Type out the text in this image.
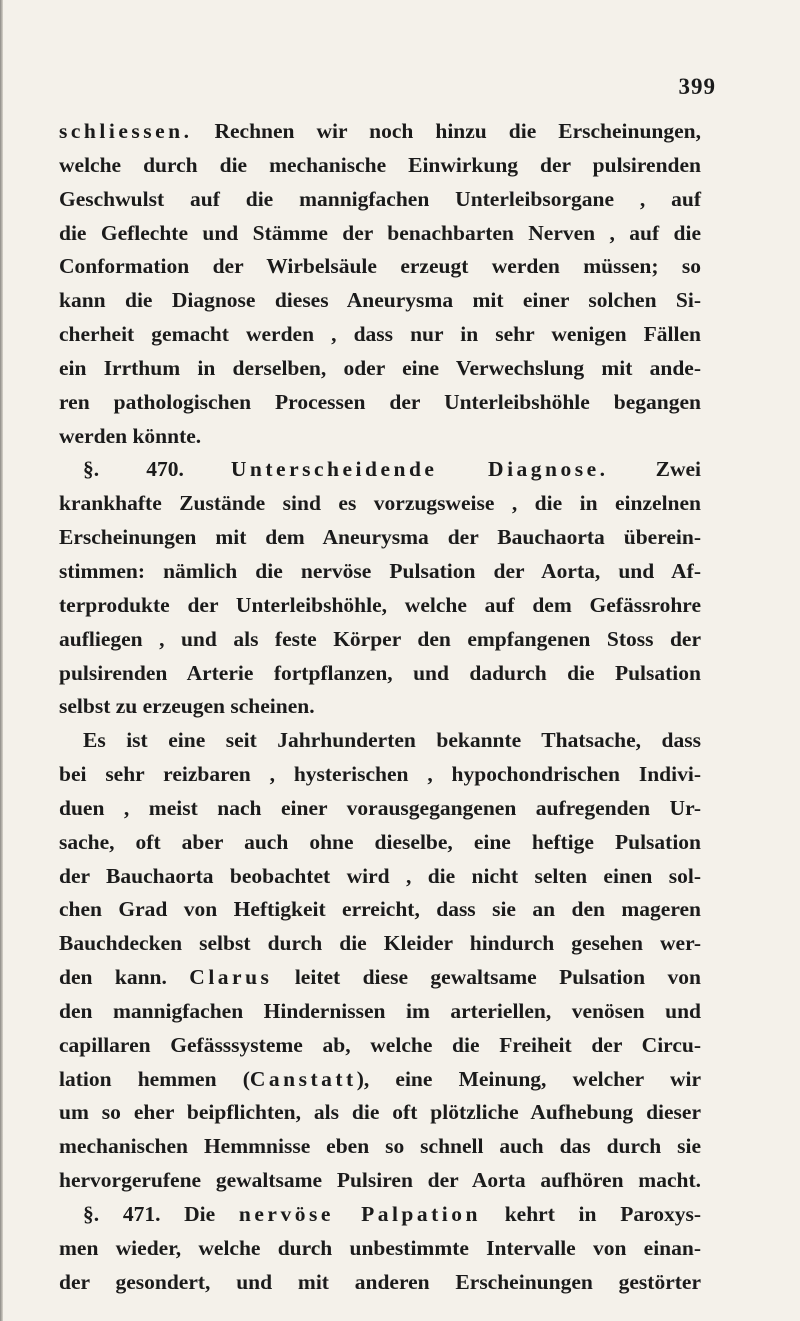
399
schliessen. Rechnen wir noch hinzu die Erscheinungen,
welche durch die mechanische Einwirkung der pulsirenden
Geschwulst auf die mannigfachen Unterleibsorgane , auf
die Geflechte und Stämme der benachbarten Nerven , auf die
Conformation der Wirbelsäule erzeugt werden müssen; so
kann die Diagnose dieses Aneurysma mit einer solchen Si-
cherheit gemacht werden , dass nur in sehr wenigen Fällen
ein Irrthum in derselben, oder eine Verwechslung mit ande-
ren pathologischen Processen der Unterleibshöhle begangen
werden könnte.
§. 470. Unterscheidende Diagnose. Zwei
krankhafte Zustände sind es vorzugsweise , die in einzelnen
Erscheinungen mit dem Aneurysma der Bauchaorta überein-
stimmen: nämlich die nervöse Pulsation der Aorta, und Af-
terprodukte der Unterleibshöhle, welche auf dem Gefässrohre
aufliegen , und als feste Körper den empfangenen Stoss der
pulsirenden Arterie fortpflanzen, und dadurch die Pulsation
selbst zu erzeugen scheinen.
Es ist eine seit Jahrhunderten bekannte Thatsache, dass
bei sehr reizbaren , hysterischen , hypochondrischen Indivi-
duen , meist nach einer vorausgegangenen aufregenden Ur-
sache, oft aber auch ohne dieselbe, eine heftige Pulsation
der Bauchaorta beobachtet wird , die nicht selten einen sol-
chen Grad von Heftigkeit erreicht, dass sie an den mageren
Bauchdecken selbst durch die Kleider hindurch gesehen wer-
den kann. Clarus leitet diese gewaltsame Pulsation von
den mannigfachen Hindernissen im arteriellen, venösen und
capillaren Gefässsysteme ab, welche die Freiheit der Circu-
lation hemmen (Canstatt), eine Meinung, welcher wir
um so eher beipflichten, als die oft plötzliche Aufhebung dieser
mechanischen Hemmnisse eben so schnell auch das durch sie
hervorgerufene gewaltsame Pulsiren der Aorta aufhören macht.
§. 471. Die nervöse Palpation kehrt in Paroxys-
men wieder, welche durch unbestimmte Intervalle von einan-
der gesondert, und mit anderen Erscheinungen gestörter
